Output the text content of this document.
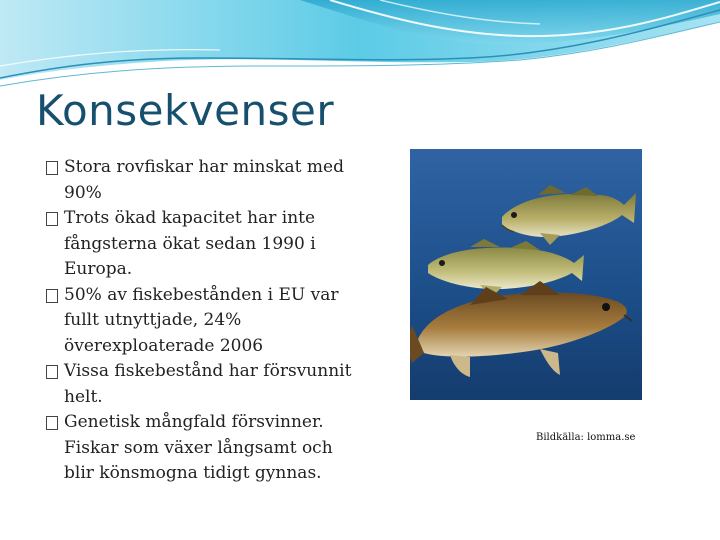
Konsekvenser
Stora rovfiskar har minskat med 90%
Trots ökad kapacitet har inte fångsterna ökat sedan 1990 i Europa.
50% av fiskebestånden i EU var fullt utnyttjade, 24% överexploaterade 2006
Vissa fiskebestånd har försvunnit helt.
Genetisk mångfald försvinner. Fiskar som växer långsamt och blir könsmogna tidigt gynnas.
Bildkälla: lomma.se
